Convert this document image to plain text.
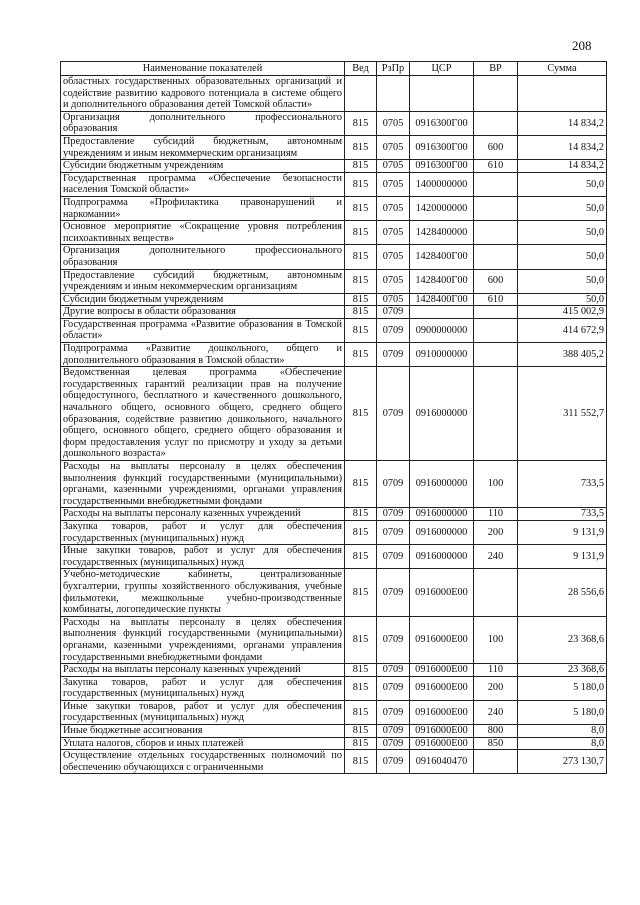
208
Наименование показателей	Вед	РзПр	ЦСР	ВР	Сумма
областных государственных образовательных организаций и содействие развитию кадрового потенциала в системе общего и дополнительного образования детей Томской области»					
Организация дополнительного профессионального образования	815	0705	0916300Г00		14 834,2
Предоставление субсидий бюджетным, автономным учреждениям и иным некоммерческим организациям	815	0705	0916300Г00	600	14 834,2
Субсидии бюджетным учреждениям	815	0705	0916300Г00	610	14 834,2
Государственная программа «Обеспечение безопасности населения Томской области»	815	0705	1400000000		50,0
Подпрограмма «Профилактика правонарушений и наркомании»	815	0705	1420000000		50,0
Основное мероприятие «Сокращение уровня потребления психоактивных веществ»	815	0705	1428400000		50,0
Организация дополнительного профессионального образования	815	0705	1428400Г00		50,0
Предоставление субсидий бюджетным, автономным учреждениям и иным некоммерческим организациям	815	0705	1428400Г00	600	50,0
Субсидии бюджетным учреждениям	815	0705	1428400Г00	610	50,0
Другие вопросы в области образования	815	0709			415 002,9
Государственная программа «Развитие образования в Томской области»	815	0709	0900000000		414 672,9
Подпрограмма «Развитие дошкольного, общего и дополнительного образования в Томской области»	815	0709	0910000000		388 405,2
Ведомственная целевая программа «Обеспечение государственных гарантий реализации прав на получение общедоступного, бесплатного и качественного дошкольного, начального общего, основного общего, среднего общего образования, содействие развитию дошкольного, начального общего, основного общего, среднего общего образования и форм предоставления услуг по присмотру и уходу за детьми дошкольного возраста»	815	0709	0916000000		311 552,7
Расходы на выплаты персоналу в целях обеспечения выполнения функций государственными (муниципальными) органами, казенными учреждениями, органами управления государственными внебюджетными фондами	815	0709	0916000000	100	733,5
Расходы на выплаты персоналу казенных учреждений	815	0709	0916000000	110	733,5
Закупка товаров, работ и услуг для обеспечения государственных (муниципальных) нужд	815	0709	0916000000	200	9 131,9
Иные закупки товаров, работ и услуг для обеспечения государственных (муниципальных) нужд	815	0709	0916000000	240	9 131,9
Учебно-методические кабинеты, централизованные бухгалтерии, группы хозяйственного обслуживания, учебные фильмотеки, межшкольные учебно-производственные комбинаты, логопедические пункты	815	0709	0916000E00		28 556,6
Расходы на выплаты персоналу в целях обеспечения выполнения функций государственными (муниципальными) органами, казенными учреждениями, органами управления государственными внебюджетными фондами	815	0709	0916000E00	100	23 368,6
Расходы на выплаты персоналу казенных учреждений	815	0709	0916000E00	110	23 368,6
Закупка товаров, работ и услуг для обеспечения государственных (муниципальных) нужд	815	0709	0916000E00	200	5 180,0
Иные закупки товаров, работ и услуг для обеспечения государственных (муниципальных) нужд	815	0709	0916000E00	240	5 180,0
Иные бюджетные ассигнования	815	0709	0916000E00	800	8,0
Уплата налогов, сборов и иных платежей	815	0709	0916000E00	850	8,0
Осуществление отдельных государственных полномочий по обеспечению обучающихся с ограниченными	815	0709	0916040470		273 130,7
